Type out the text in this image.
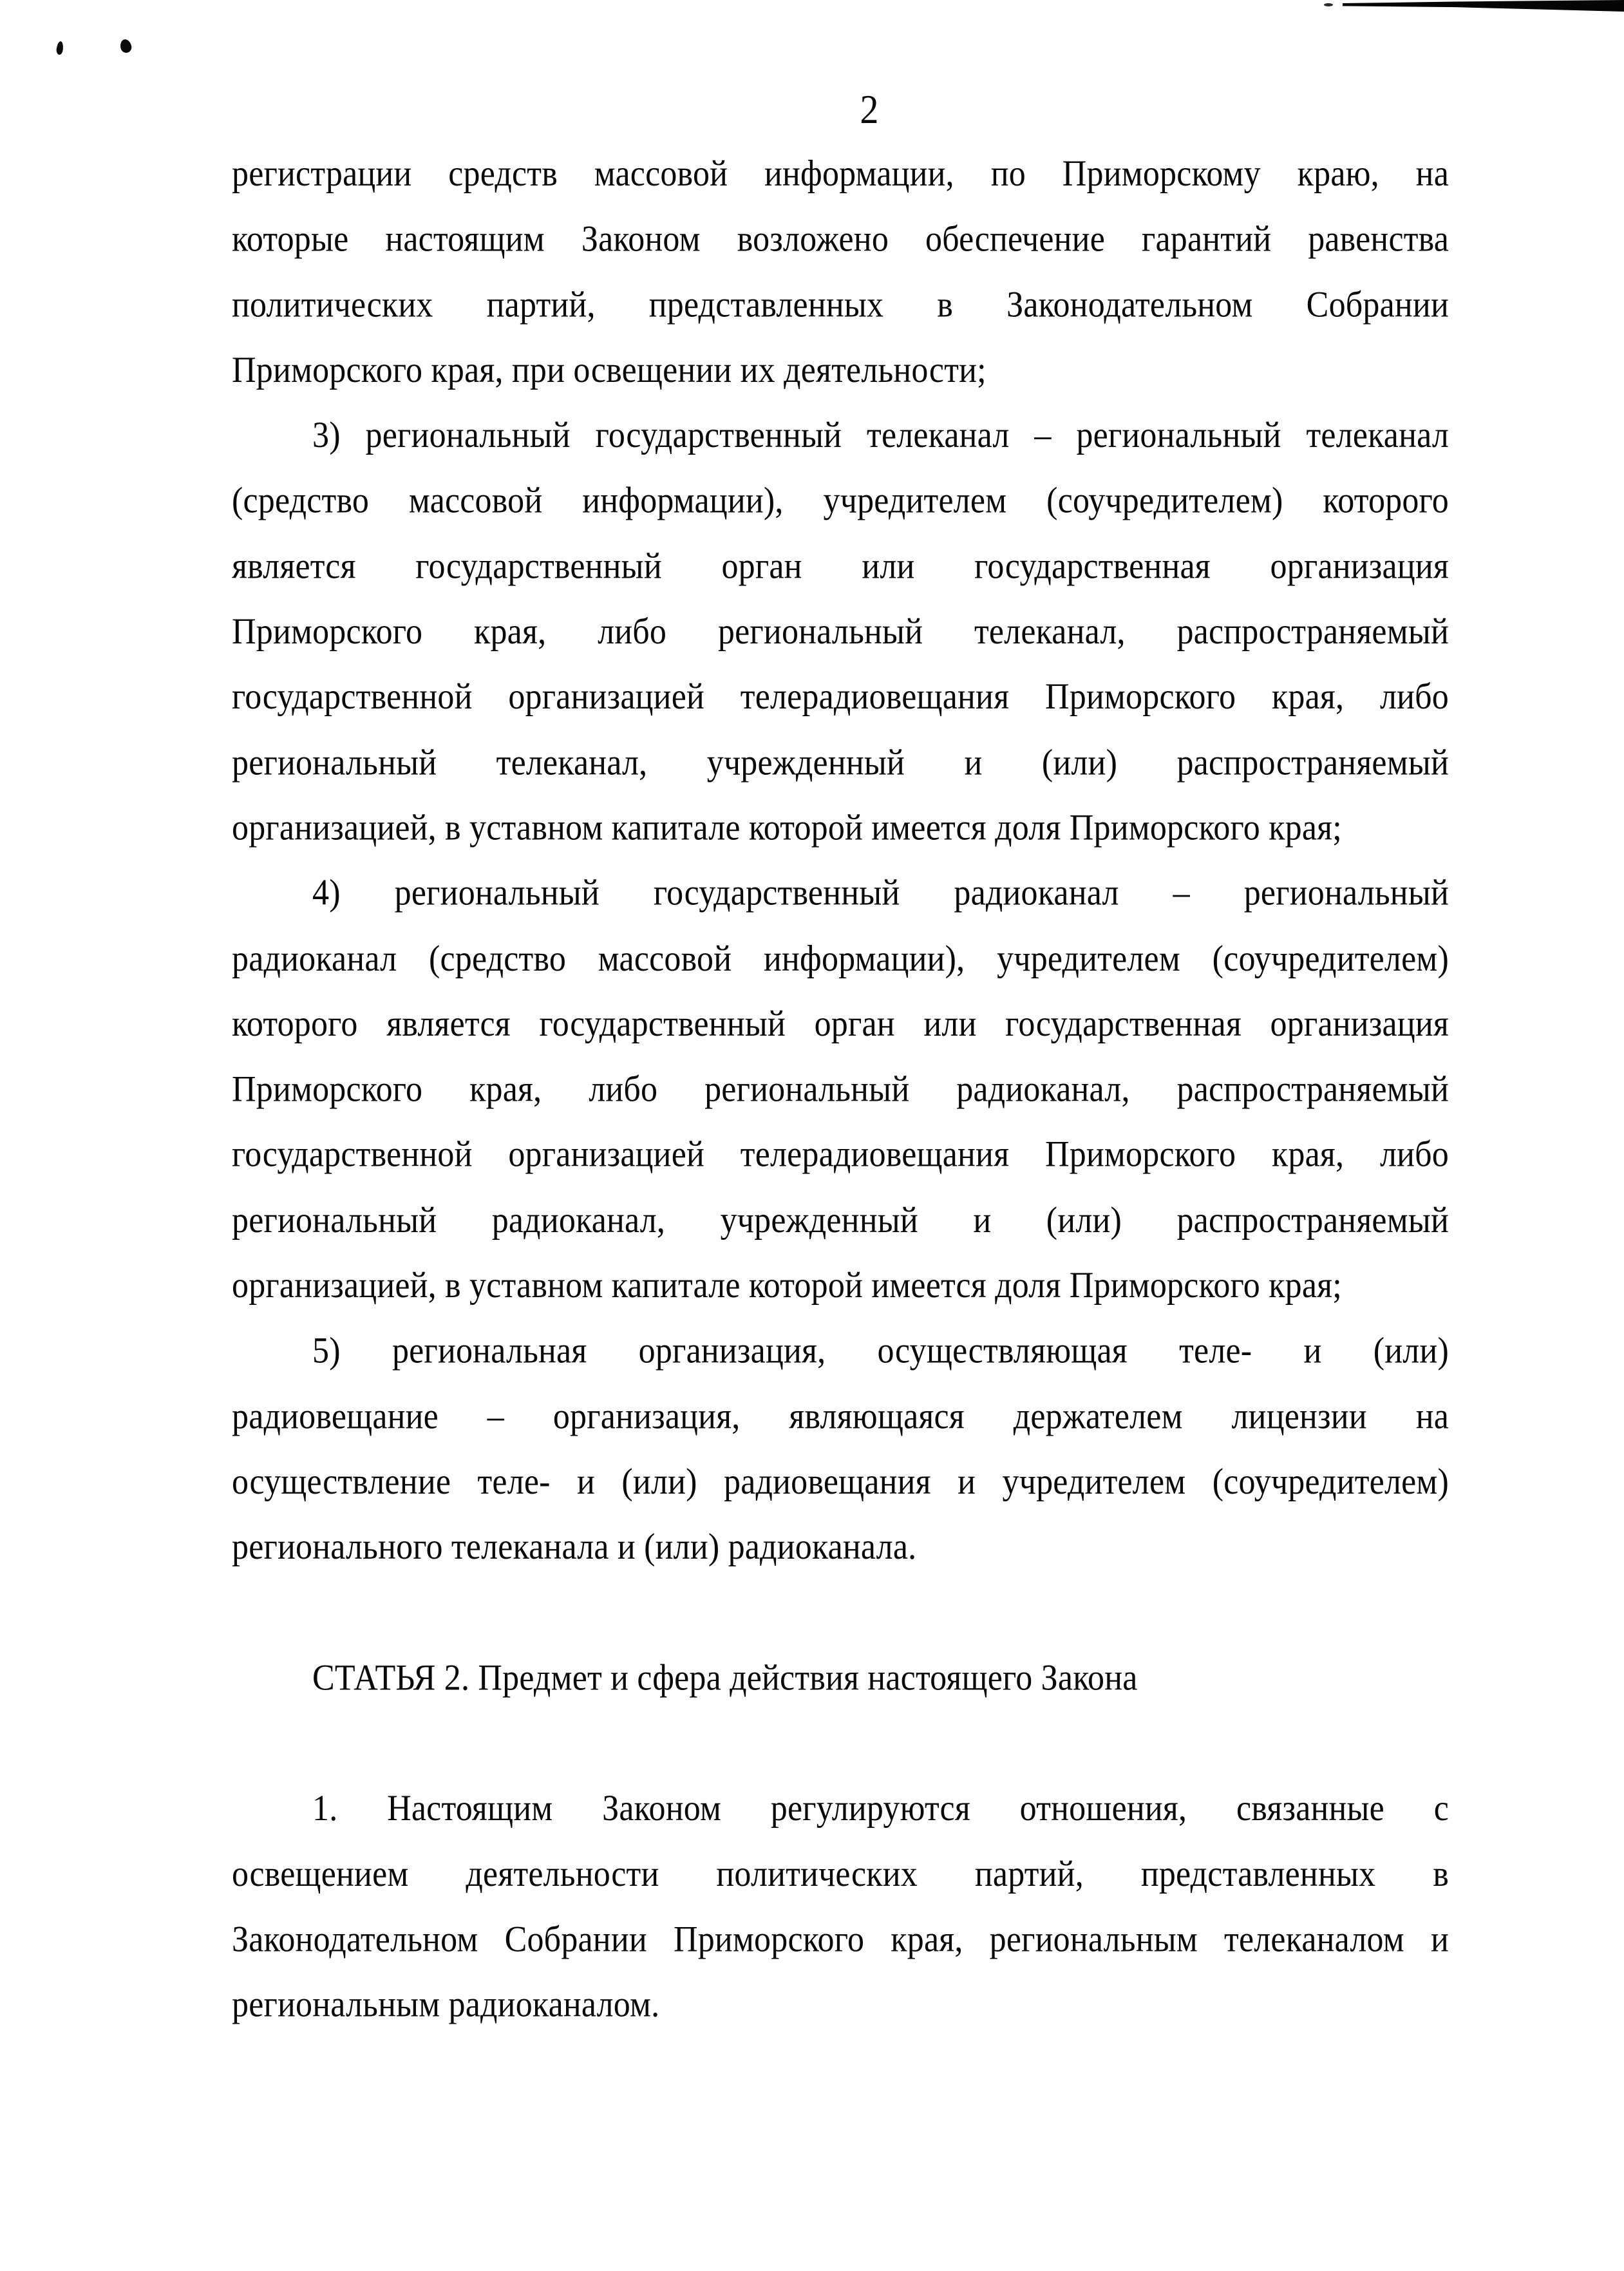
2
регистрации средств массовой информации, по Приморскому краю, на
которые настоящим Законом возложено обеспечение гарантий равенства
политических партий, представленных в Законодательном Собрании
Приморского края, при освещении их деятельности;
3) региональный государственный телеканал – региональный телеканал
(средство массовой информации), учредителем (соучредителем) которого
является государственный орган или государственная организация
Приморского края, либо региональный телеканал, распространяемый
государственной организацией телерадиовещания Приморского края, либо
региональный телеканал, учрежденный и (или) распространяемый
организацией, в уставном капитале которой имеется доля Приморского края;
4) региональный государственный радиоканал – региональный
радиоканал (средство массовой информации), учредителем (соучредителем)
которого является государственный орган или государственная организация
Приморского края, либо региональный радиоканал, распространяемый
государственной организацией телерадиовещания Приморского края, либо
региональный радиоканал, учрежденный и (или) распространяемый
организацией, в уставном капитале которой имеется доля Приморского края;
5) региональная организация, осуществляющая теле- и (или)
радиовещание – организация, являющаяся держателем лицензии на
осуществление теле- и (или) радиовещания и учредителем (соучредителем)
регионального телеканала и (или) радиоканала.
СТАТЬЯ 2. Предмет и сфера действия настоящего Закона
1. Настоящим Законом регулируются отношения, связанные с
освещением деятельности политических партий, представленных в
Законодательном Собрании Приморского края, региональным телеканалом и
региональным радиоканалом.
